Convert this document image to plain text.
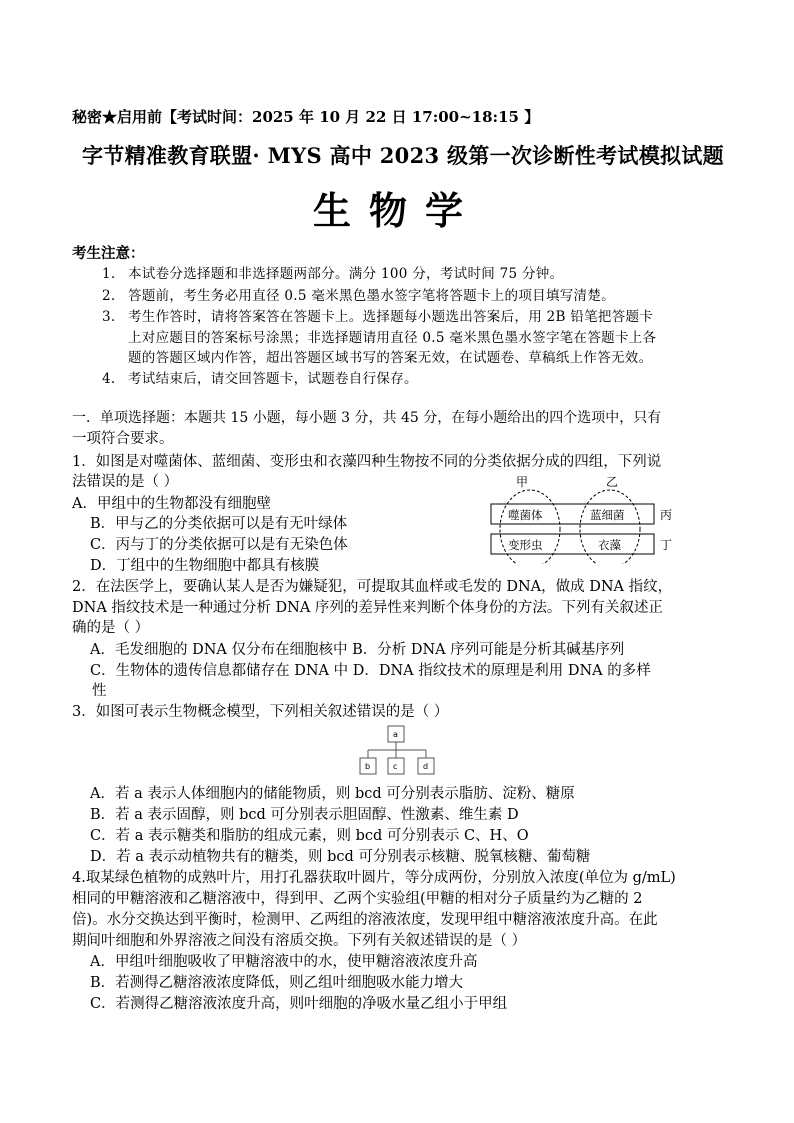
秘密★启用前【考试时间：2025 年 10 月 22 日 17:00~18:15 】
字节精准教育联盟· MYS 高中 2023 级第一次诊断性考试模拟试题
生物学
考生注意：
1. 本试卷分选择题和非选择题两部分。满分 100 分，考试时间 75 分钟。
2. 答题前，考生务必用直径 0.5 毫米黑色墨水签字笔将答题卡上的项目填写清楚。
3. 考生作答时，请将答案答在答题卡上。选择题每小题选出答案后，用 2B 铅笔把答题卡
上对应题目的答案标号涂黑；非选择题请用直径 0.5 毫米黑色墨水签字笔在答题卡上各
题的答题区域内作答，超出答题区域书写的答案无效，在试题卷、草稿纸上作答无效。
4. 考试结束后，请交回答题卡，试题卷自行保存。
一．单项选择题：本题共 15 小题，每小题 3 分，共 45 分，在每小题给出的四个选项中，只有
一项符合要求。
1．如图是对噬菌体、蓝细菌、变形虫和衣藻四种生物按不同的分类依据分成的四组，下列说
法错误的是（ ）
A．甲组中的生物都没有细胞壁
B．甲与乙的分类依据可以是有无叶绿体
C．丙与丁的分类依据可以是有无染色体
D．丁组中的生物细胞中都具有核膜
甲	乙
噬菌体	蓝细菌
变形虫	衣藻
丙
丁
2．在法医学上，要确认某人是否为嫌疑犯，可提取其血样或毛发的 DNA，做成 DNA 指纹，
DNA 指纹技术是一种通过分析 DNA 序列的差异性来判断个体身份的方法。下列有关叙述正
确的是（ ）
A．毛发细胞的 DNA 仅分布在细胞核中 B．分析 DNA 序列可能是分析其碱基序列
C．生物体的遗传信息都储存在 DNA 中 D．DNA 指纹技术的原理是利用 DNA 的多样
性
3．如图可表示生物概念模型，下列相关叙述错误的是（ ）
a
b	c	d
A．若 a 表示人体细胞内的储能物质，则 bcd 可分别表示脂肪、淀粉、糖原
B．若 a 表示固醇，则 bcd 可分别表示胆固醇、性激素、维生素 D
C．若 a 表示糖类和脂肪的组成元素，则 bcd 可分别表示 C、H、O
D．若 a 表示动植物共有的糖类，则 bcd 可分别表示核糖、脱氧核糖、葡萄糖
4.取某绿色植物的成熟叶片，用打孔器获取叶圆片，等分成两份，分别放入浓度(单位为 g/mL)
相同的甲糖溶液和乙糖溶液中，得到甲、乙两个实验组(甲糖的相对分子质量约为乙糖的 2
倍)。水分交换达到平衡时，检测甲、乙两组的溶液浓度，发现甲组中糖溶液浓度升高。在此
期间叶细胞和外界溶液之间没有溶质交换。下列有关叙述错误的是（ ）
A．甲组叶细胞吸收了甲糖溶液中的水，使甲糖溶液浓度升高
B．若测得乙糖溶液浓度降低，则乙组叶细胞吸水能力增大
C．若测得乙糖溶液浓度升高，则叶细胞的净吸水量乙组小于甲组
